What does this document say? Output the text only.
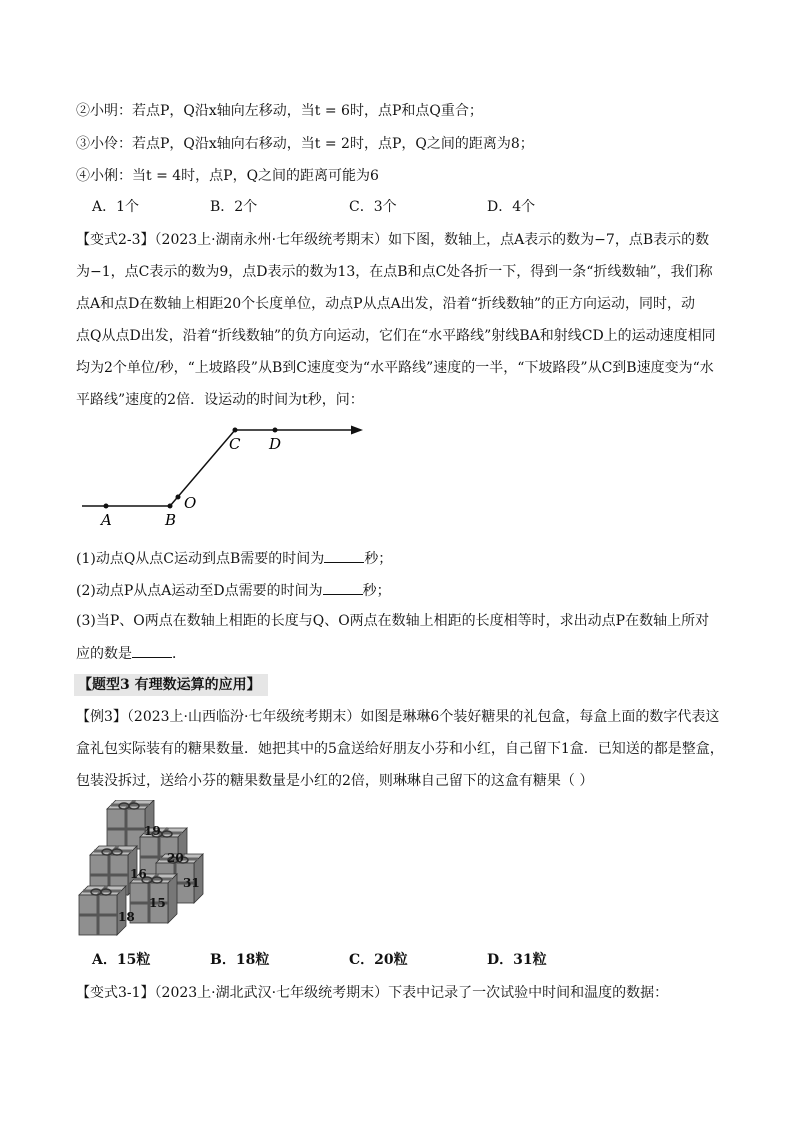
②小明：若点P，Q沿x轴向左移动，当t = 6时，点P和点Q重合；
③小伶：若点P，Q沿x轴向右移动，当t = 2时，点P，Q之间的距离为8；
④小俐：当t = 4时，点P，Q之间的距离可能为6
A．1个	B．2个	C．3个	D．4个
【变式2-3】（2023上·湖南永州·七年级统考期末）如下图，数轴上，点A表示的数为−7，点B表示的数
为−1，点C表示的数为9，点D表示的数为13，在点B和点C处各折一下，得到一条“折线数轴”，我们称
点A和点D在数轴上相距20个长度单位，动点P从点A出发，沿着“折线数轴”的正方向运动，同时，动
点Q从点D出发，沿着“折线数轴”的负方向运动，它们在“水平路线”射线BA和射线CD上的运动速度相同
均为2个单位/秒，“上坡路段”从B到C速度变为“水平路线”速度的一半，“下坡路段”从C到B速度变为“水
平路线”速度的2倍．设运动的时间为t秒，问：
A	B
O
C D
(1)动点Q从点C运动到点B需要的时间为	秒；
(2)动点P从点A运动至D点需要的时间为	秒；
(3)当P、O两点在数轴上相距的长度与Q、O两点在数轴上相距的长度相等时，求出动点P在数轴上所对
应的数是	．
【题型3 有理数运算的应用】
【例3】（2023上·山西临汾·七年级统考期末）如图是琳琳6个装好糖果的礼包盒，每盒上面的数字代表这
盒礼包实际装有的糖果数量．她把其中的5盒送给好朋友小芬和小红，自己留下1盒．已知送的都是整盒，
包装没拆过，送给小芬的糖果数量是小红的2倍，则琳琳自己留下的这盒有糖果（ ）
19
20
16
31
15
18
A．15粒	B．18粒	C．20粒	D．31粒
【变式3-1】（2023上·湖北武汉·七年级统考期末）下表中记录了一次试验中时间和温度的数据：
